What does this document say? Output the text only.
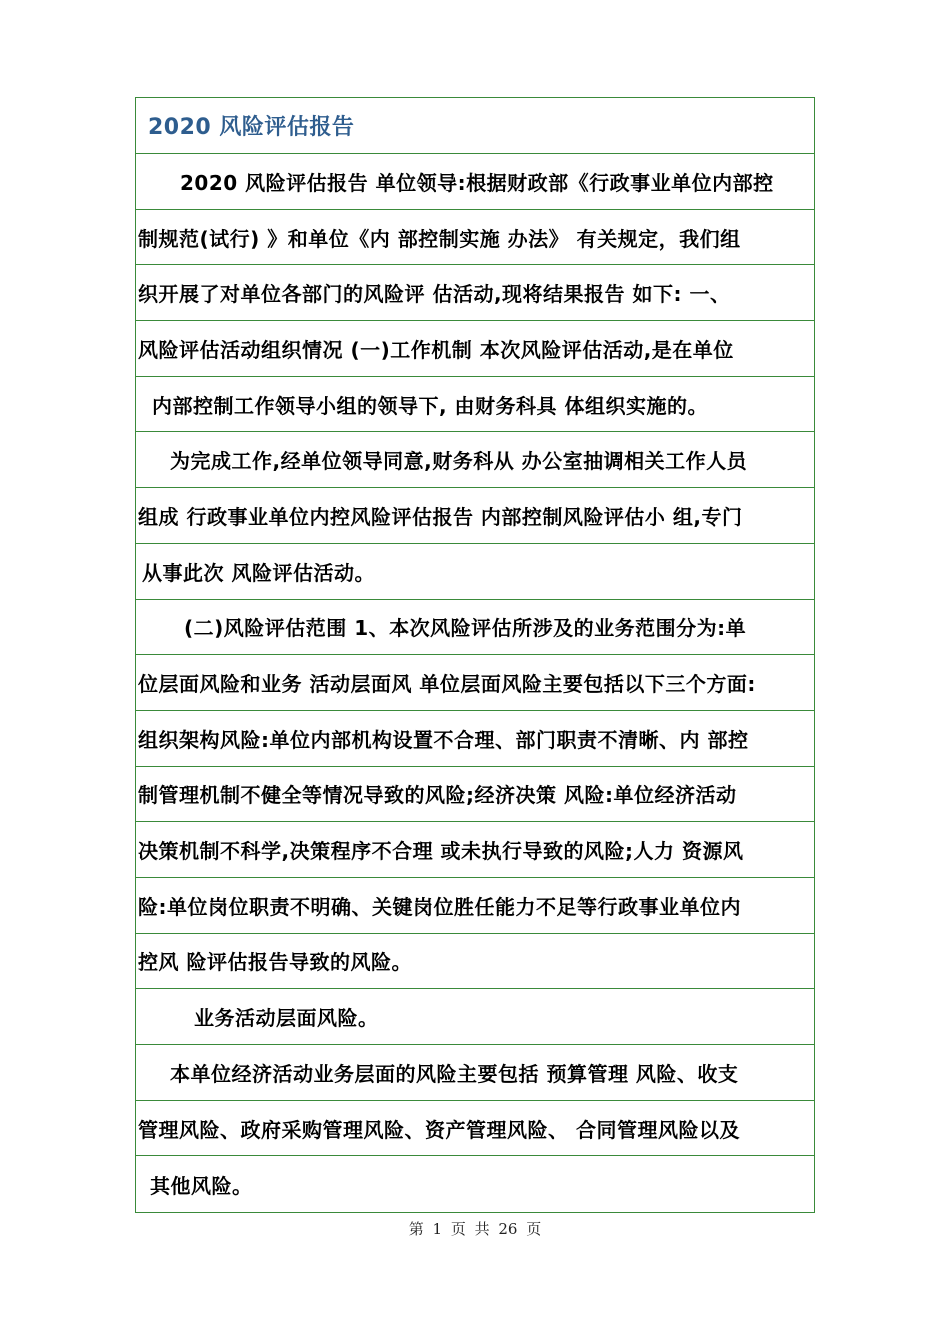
2020 风险评估报告
2020 风险评估报告 单位领导:根据财政部《行政事业单位内部控
制规范(试行) 》和单位《内 部控制实施 办法》 有关规定，我们组
织开展了对单位各部门的风险评 估活动,现将结果报告 如下: 一、
风险评估活动组织情况 (一)工作机制 本次风险评估活动,是在单位
内部控制工作领导小组的领导下, 由财务科具 体组织实施的。
为完成工作,经单位领导同意,财务科从 办公室抽调相关工作人员
组成 行政事业单位内控风险评估报告 内部控制风险评估小 组,专门
从事此次 风险评估活动。
(二)风险评估范围 1、本次风险评估所涉及的业务范围分为:单
位层面风险和业务 活动层面风 单位层面风险主要包括以下三个方面:
组织架构风险:单位内部机构设置不合理、部门职责不清晰、内 部控
制管理机制不健全等情况导致的风险;经济决策 风险:单位经济活动
决策机制不科学,决策程序不合理 或未执行导致的风险;人力 资源风
险:单位岗位职责不明确、关键岗位胜任能力不足等行政事业单位内
控风 险评估报告导致的风险。
业务活动层面风险。
本单位经济活动业务层面的风险主要包括 预算管理 风险、收支
管理风险、政府采购管理风险、资产管理风险、 合同管理风险以及
其他风险。
第 1 页 共 26 页
